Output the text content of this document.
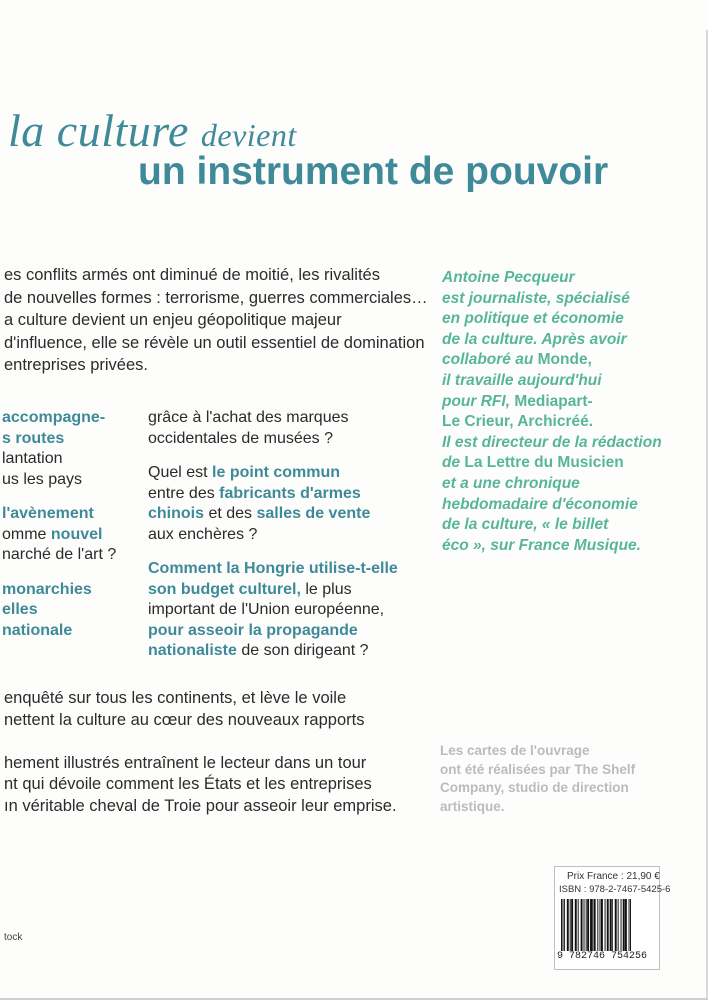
la culture devient
un instrument de pouvoir
es conflits armés ont diminué de moitié, les rivalités
de nouvelles formes : terrorisme, guerres commerciales…
a culture devient un enjeu géopolitique majeur
d'influence, elle se révèle un outil essentiel de domination
entreprises privées.
accompagne-
s routes
lantation
us les pays
l'avènement
omme nouvel
narché de l'art ?
monarchies
elles
nationale
grâce à l'achat des marques
occidentales de musées ?
Quel est le point commun
entre des fabricants d'armes
chinois et des salles de vente
aux enchères ?
Comment la Hongrie utilise-t-elle
son budget culturel, le plus
important de l'Union européenne,
pour asseoir la propagande
nationaliste de son dirigeant ?
Antoine Pecqueur
est journaliste, spécialisé
en politique et économie
de la culture. Après avoir
collaboré au Monde,
il travaille aujourd'hui
pour RFI, Mediapart-
Le Crieur, Archicréé.
Il est directeur de la rédaction
de La Lettre du Musicien
et a une chronique
hebdomadaire d'économie
de la culture, « le billet
éco », sur France Musique.
enquêté sur tous les continents, et lève le voile
nettent la culture au cœur des nouveaux rapports
hement illustrés entraînent le lecteur dans un tour
nt qui dévoile comment les États et les entreprises
ın véritable cheval de Troie pour asseoir leur emprise.
Les cartes de l'ouvrage
ont été réalisées par The Shelf
Company, studio de direction
artistique.
Prix France : 21,90 €
ISBN : 978-2-7467-5425-6
9 782746 754256
tock
